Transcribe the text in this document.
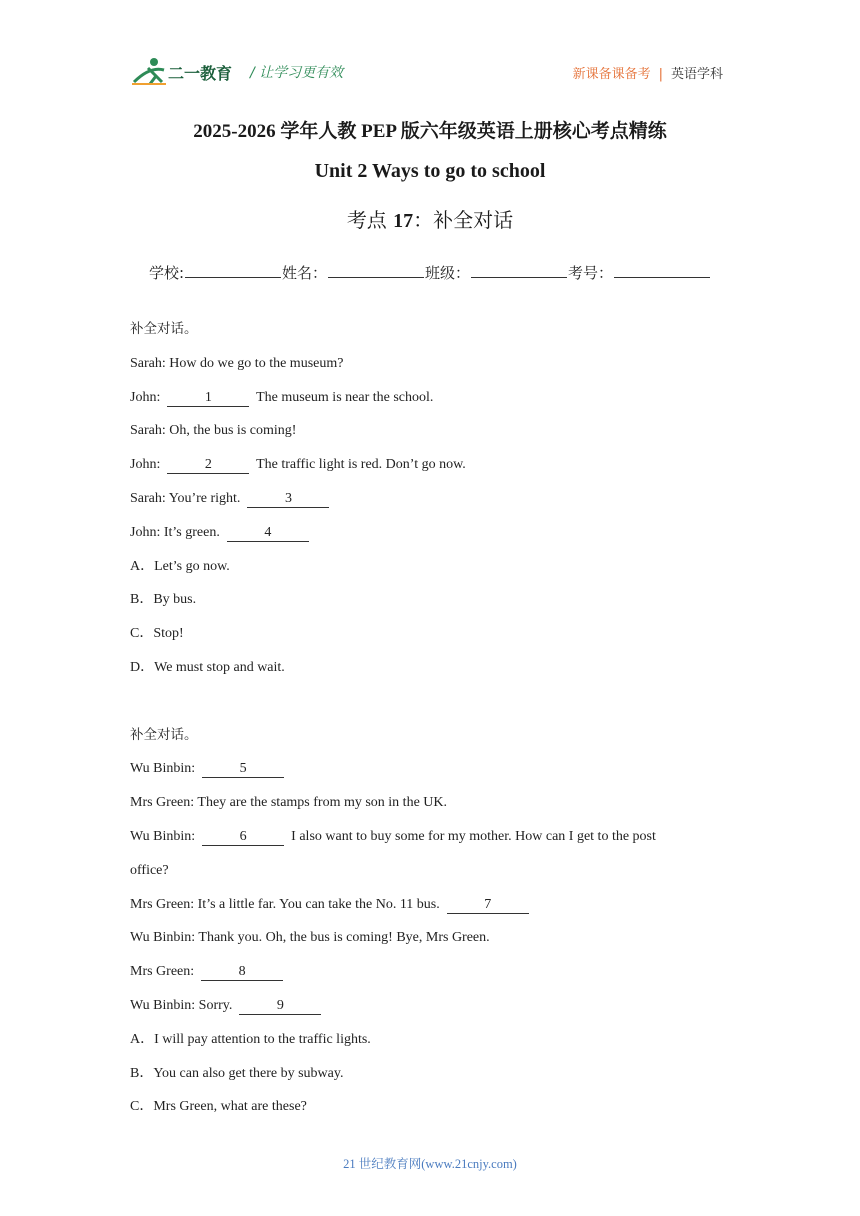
二一教育 / 让学习更有效	新课备课备考 | 英语学科
2025-2026 学年人教 PEP 版六年级英语上册核心考点精练
Unit 2 Ways to go to school
考点 17：补全对话
学校:	姓名：	班级：	考号：
补全对话。
Sarah: How do we go to the museum?
John:	1	The museum is near the school.
Sarah: Oh, the bus is coming!
John:	2	The traffic light is red. Don’t go now.
Sarah: You’re right.	3
John: It’s green.	4
A．Let’s go now.
B．By bus.
C．Stop!
D．We must stop and wait.
补全对话。
Wu Binbin:	5
Mrs Green: They are the stamps from my son in the UK.
Wu Binbin:	6	I also want to buy some for my mother. How can I get to the post
office?
Mrs Green: It’s a little far. You can take the No. 11 bus.	7
Wu Binbin: Thank you. Oh, the bus is coming! Bye, Mrs Green.
Mrs Green:	8
Wu Binbin: Sorry.	9
A．I will pay attention to the traffic lights.
B．You can also get there by subway.
C．Mrs Green, what are these?
21 世纪教育网(www.21cnjy.com)
